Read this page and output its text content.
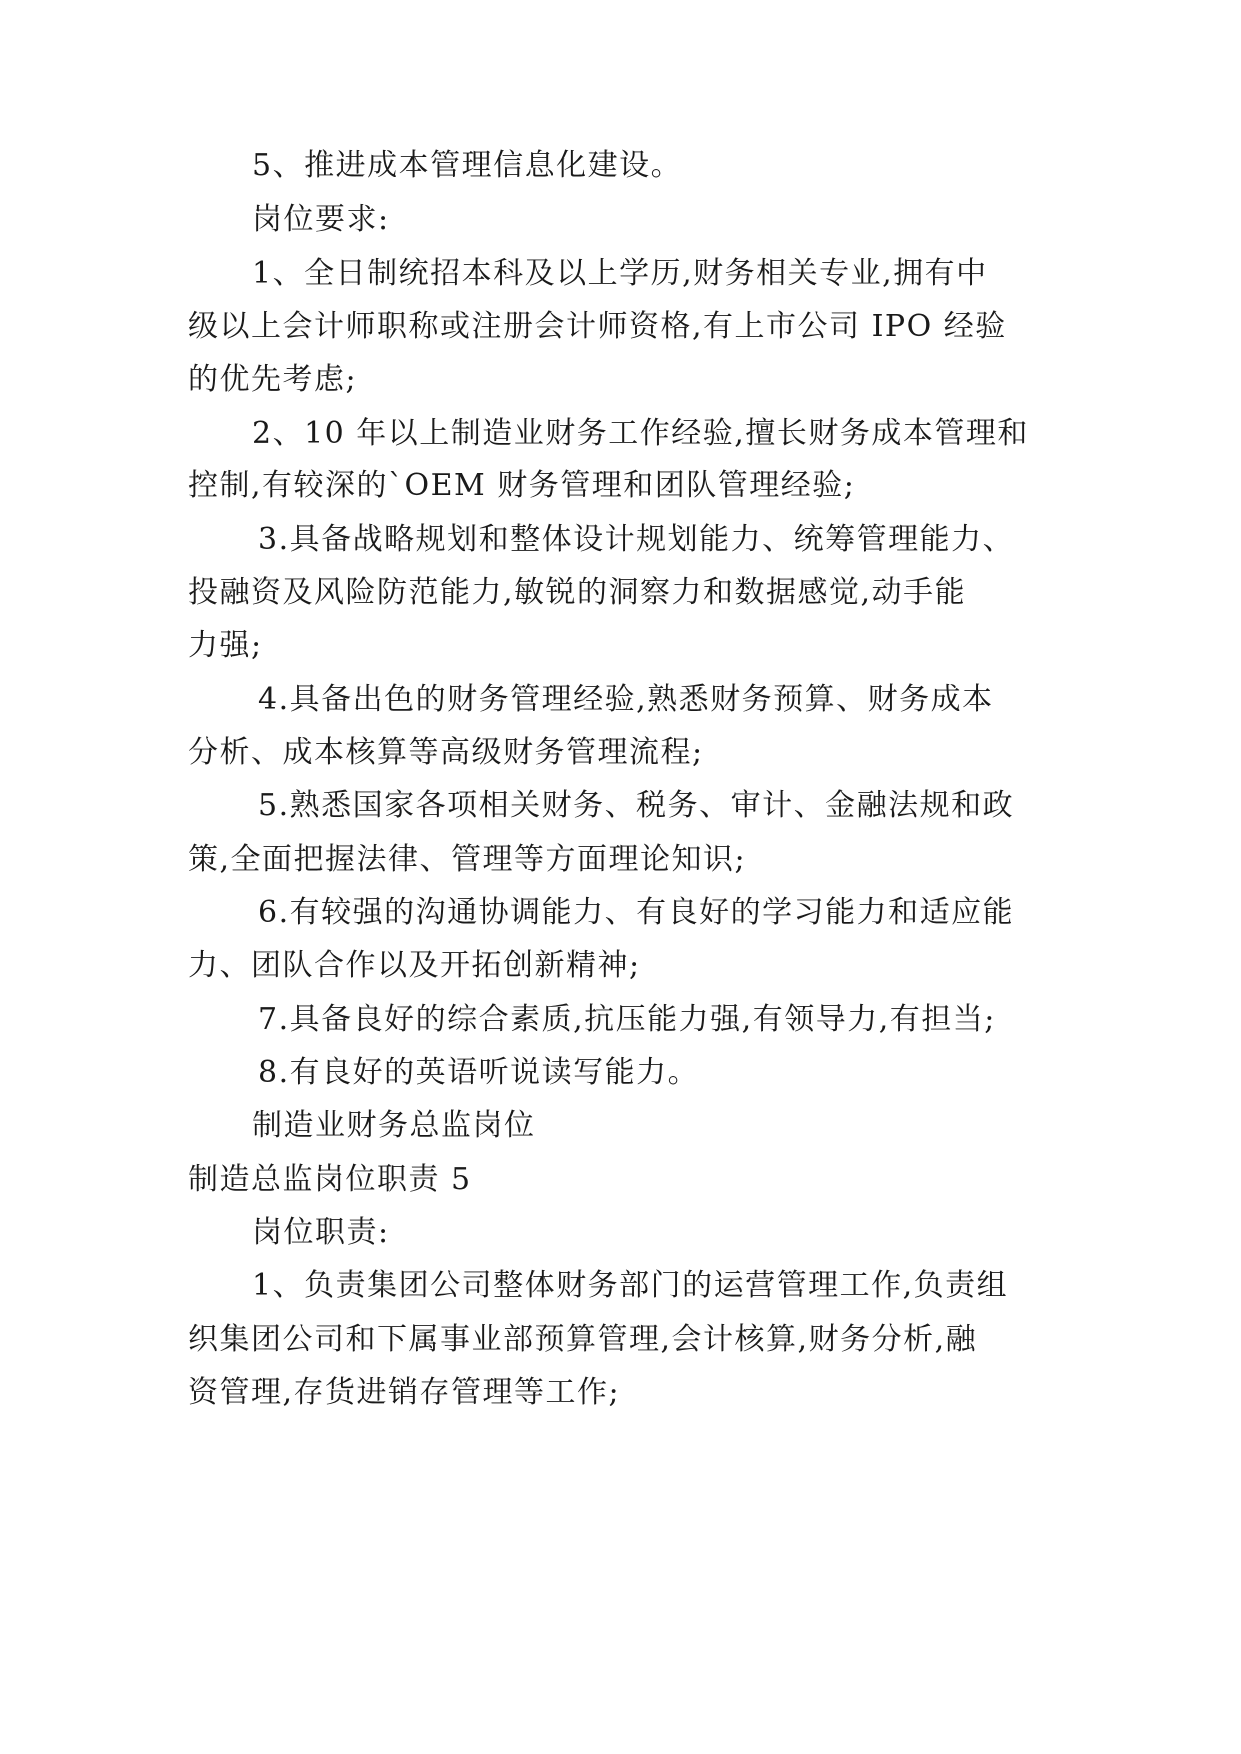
5、推进成本管理信息化建设。
岗位要求:
1、全日制统招本科及以上学历,财务相关专业,拥有中
级以上会计师职称或注册会计师资格,有上市公司 IPO 经验
的优先考虑;
2、10 年以上制造业财务工作经验,擅长财务成本管理和
控制,有较深的`OEM 财务管理和团队管理经验;
3.具备战略规划和整体设计规划能力、统筹管理能力、
投融资及风险防范能力,敏锐的洞察力和数据感觉,动手能
力强;
4.具备出色的财务管理经验,熟悉财务预算、财务成本
分析、成本核算等高级财务管理流程;
5.熟悉国家各项相关财务、税务、审计、金融法规和政
策,全面把握法律、管理等方面理论知识;
6.有较强的沟通协调能力、有良好的学习能力和适应能
力、团队合作以及开拓创新精神;
7.具备良好的综合素质,抗压能力强,有领导力,有担当;
8.有良好的英语听说读写能力。
制造业财务总监岗位
制造总监岗位职责 5
岗位职责:
1、负责集团公司整体财务部门的运营管理工作,负责组
织集团公司和下属事业部预算管理,会计核算,财务分析,融
资管理,存货进销存管理等工作;
